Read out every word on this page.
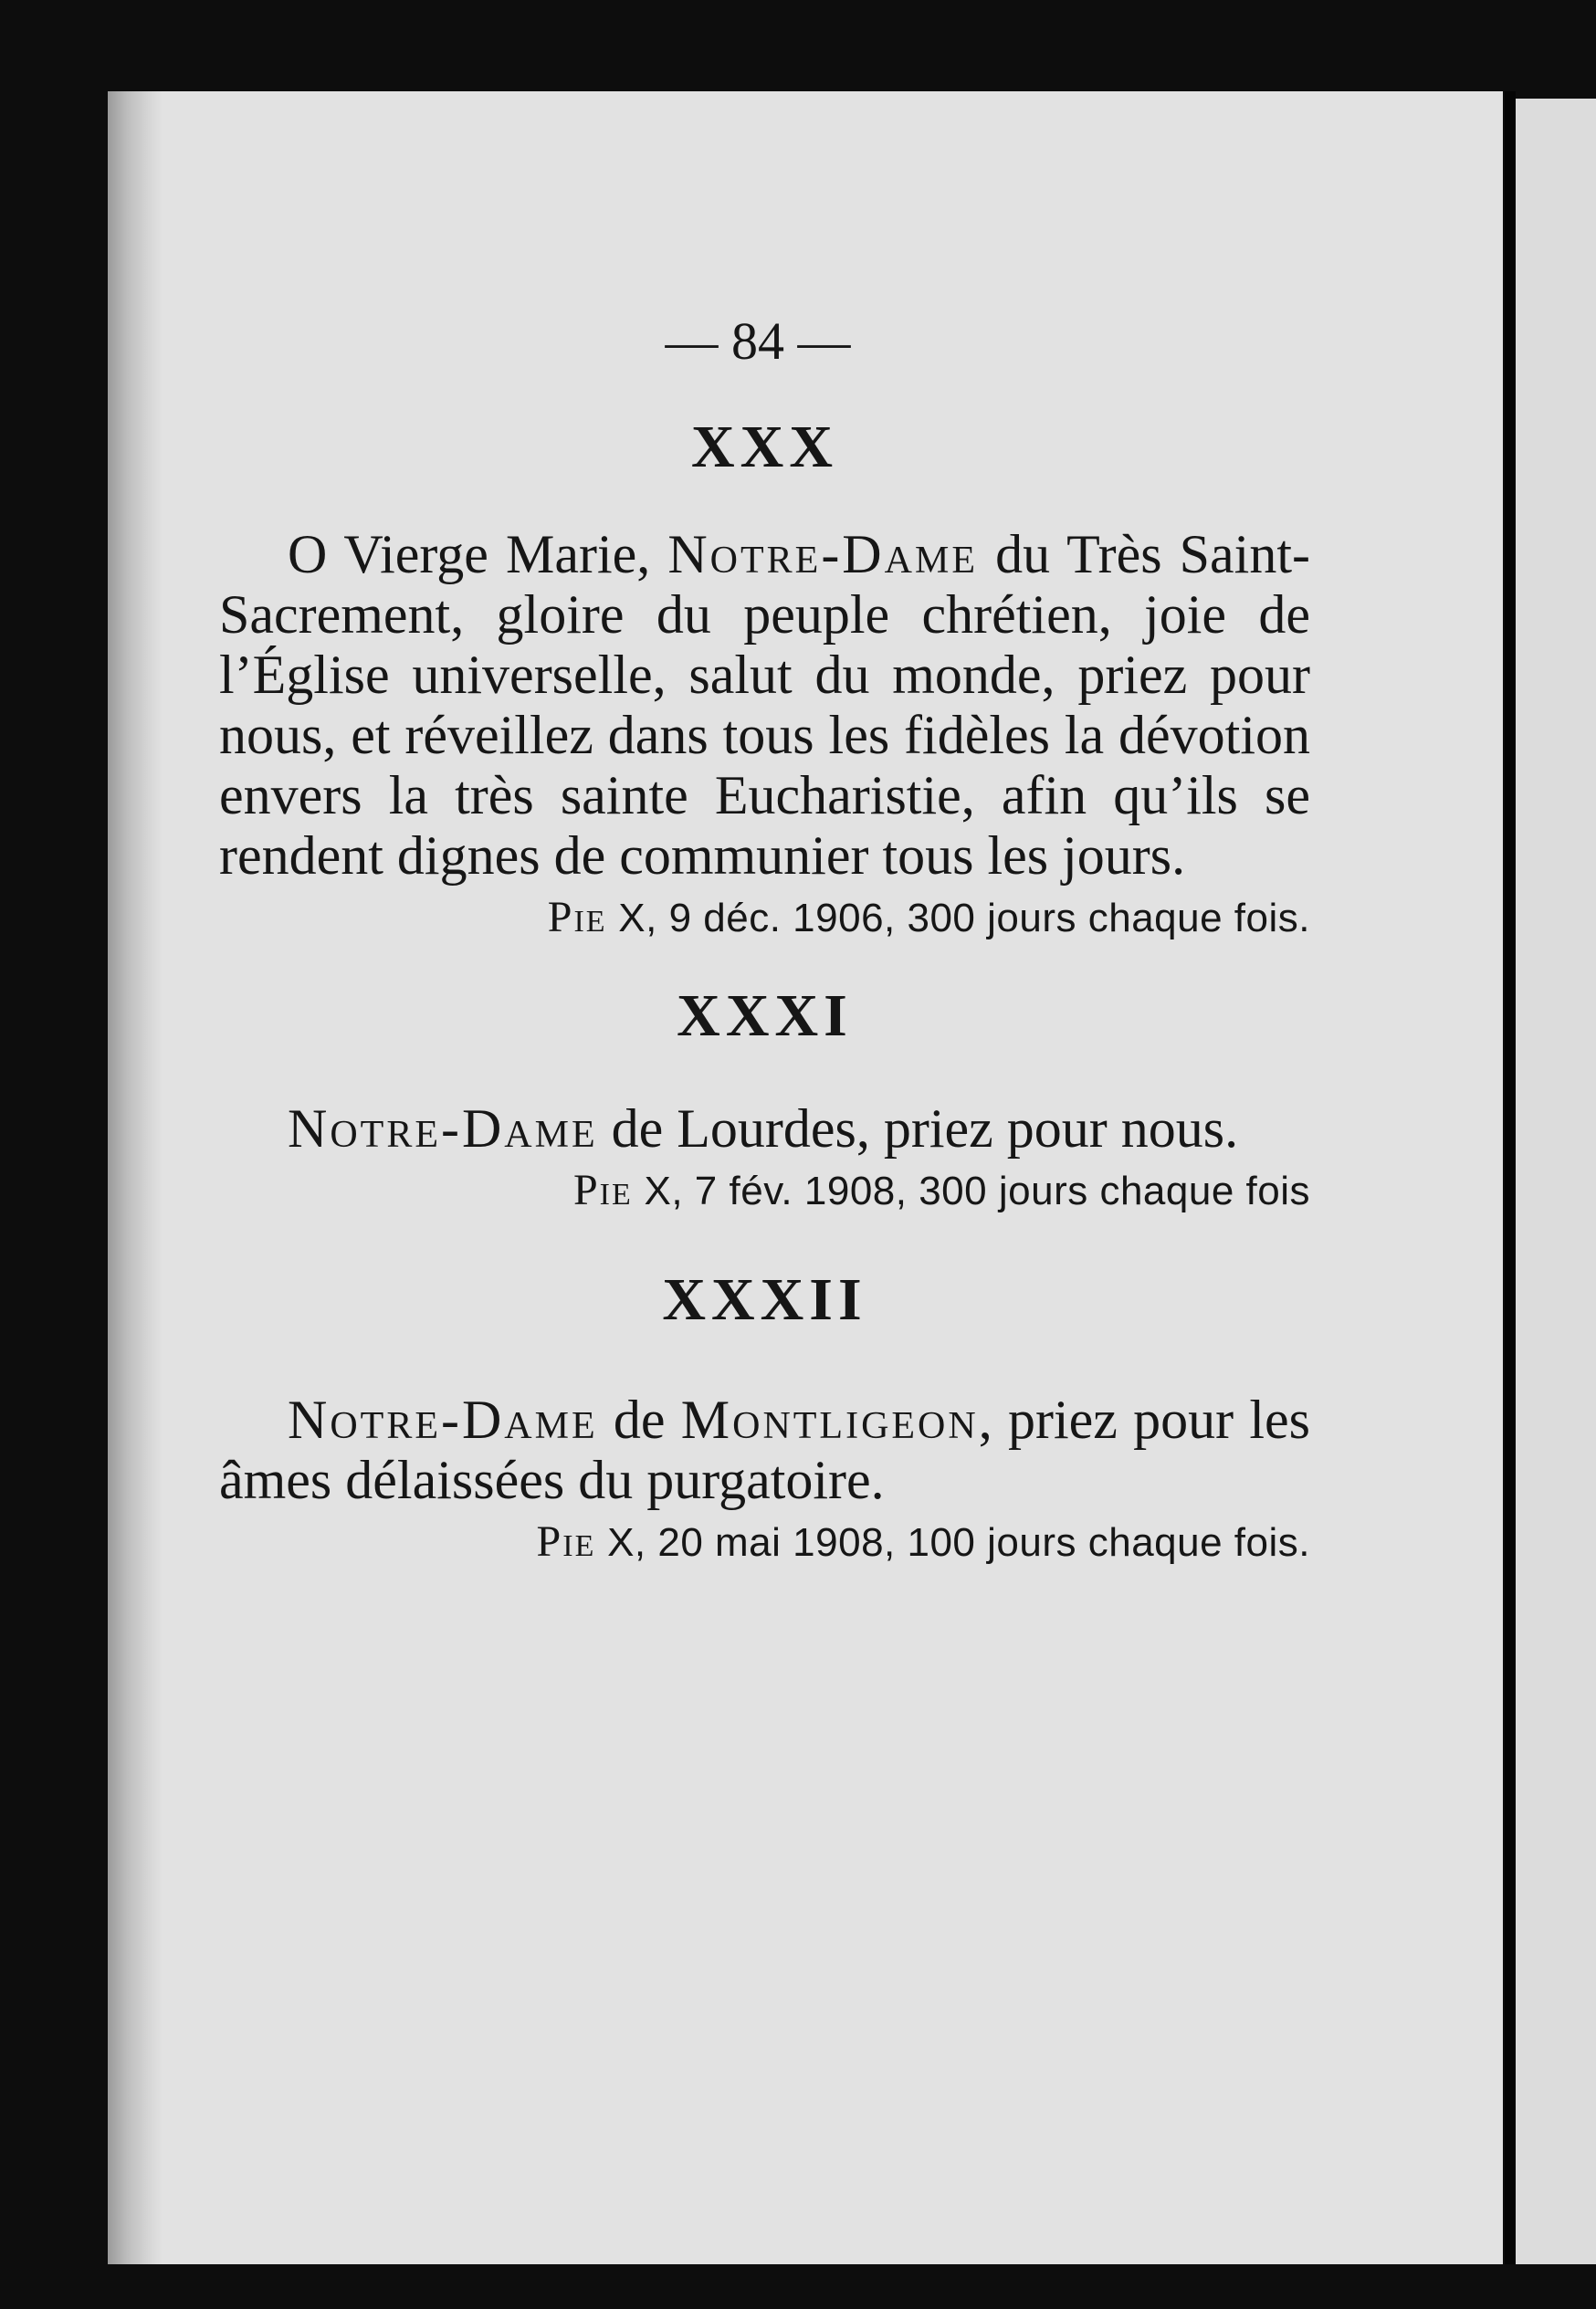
— 84 —
XXX

O Vierge Marie, Notre-Dame du Très Saint-Sacrement, gloire du peuple chrétien, joie de l’Église universelle, salut du monde, priez pour nous, et réveillez dans tous les fidèles la dévotion envers la très sainte Eucharistie, afin qu’ils se rendent dignes de communier tous les jours.

Pie X, 9 déc. 1906, 300 jours chaque fois.

XXXI

Notre-Dame de Lourdes, priez pour nous.

Pie X, 7 fév. 1908, 300 jours chaque fois

XXXII

Notre-Dame de Montligeon, priez pour les âmes délaissées du purgatoire.

Pie X, 20 mai 1908, 100 jours chaque fois.
